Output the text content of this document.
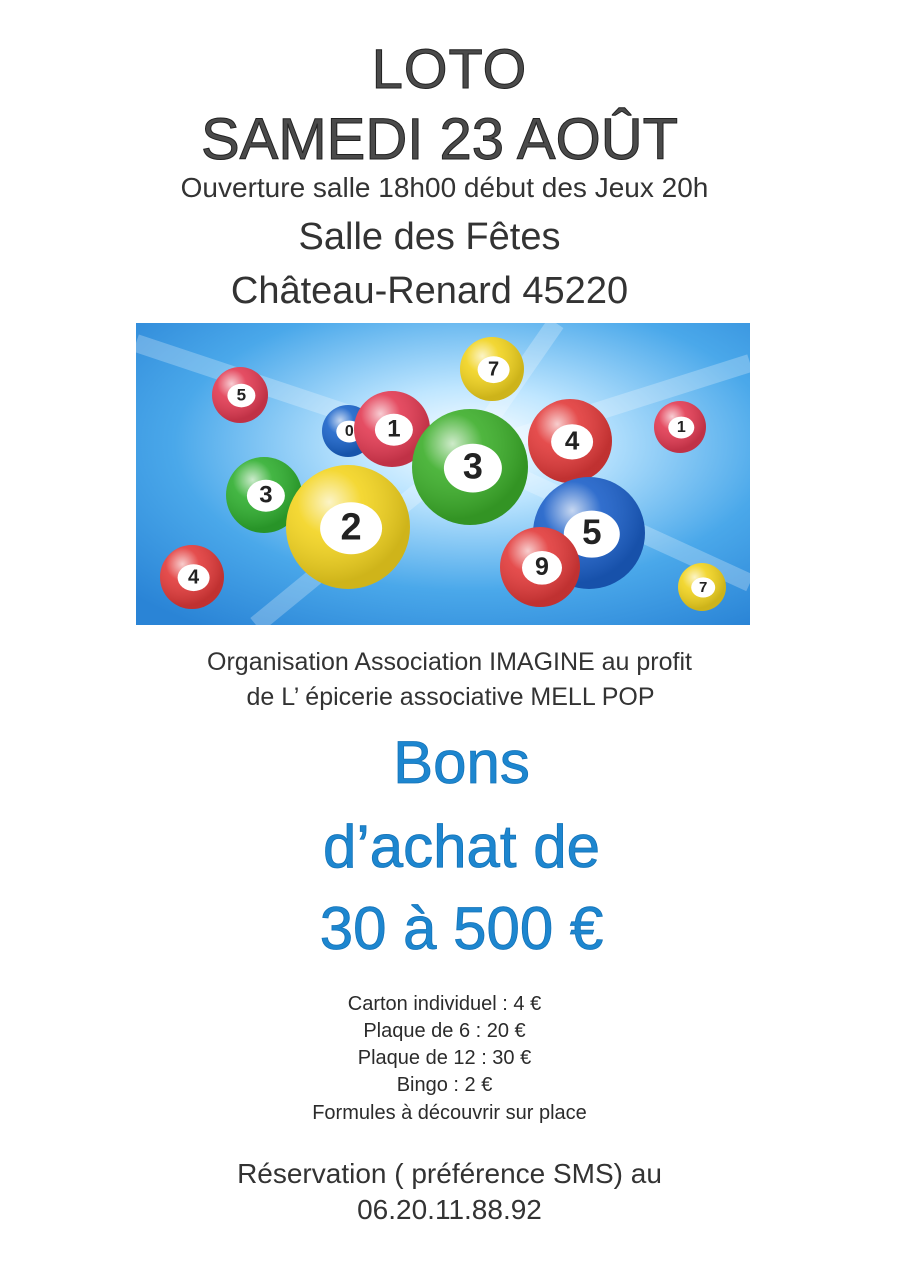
LOTO
SAMEDI 23 AOÛT
Ouverture salle 18h00 début des Jeux 20h
Salle des Fêtes
Château-Renard 45220
5
7
0 1	4	1
3
3
2	5
9
4	7
Organisation Association IMAGINE au profit
de L’ épicerie associative MELL POP
Bons
d’achat de
30 à 500 €
Carton individuel : 4 €
Plaque de 6 : 20 €
Plaque de 12 : 30 €
Bingo : 2 €
Formules à découvrir sur place
Réservation ( préférence SMS) au
06.20.11.88.92
